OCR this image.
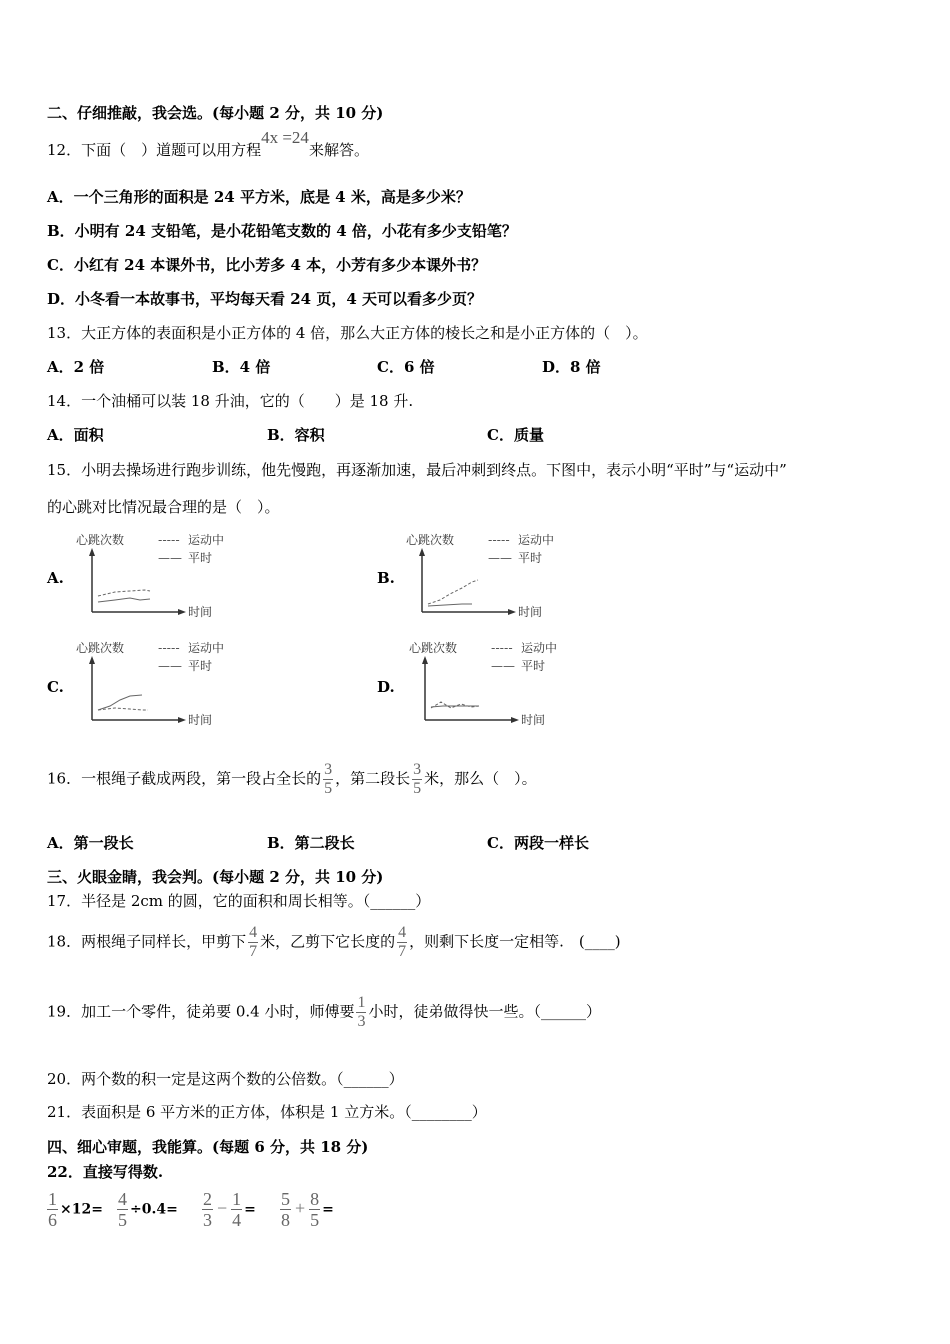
二、仔细推敲，我会选。(每小题 2 分，共 10 分)
12．下面（　）道题可以用方程4x =24来解答。
A．一个三角形的面积是 24 平方米，底是 4 米，高是多少米？
B．小明有 24 支铅笔，是小花铅笔支数的 4 倍，小花有多少支铅笔？
C．小红有 24 本课外书，比小芳多 4 本，小芳有多少本课外书？
D．小冬看一本故事书，平均每天看 24 页，4 天可以看多少页？
13．大正方体的表面积是小正方体的 4 倍，那么大正方体的棱长之和是小正方体的（　）。
A．2 倍	B．4 倍	C．6 倍	D．8 倍
14．一个油桶可以装 18 升油，它的（　　）是 18 升.
A．面积	B．容积	C．质量
15．小明去操场进行跑步训练，他先慢跑，再逐渐加速，最后冲刺到终点。下图中，表示小明“平时”与“运动中”
的心跳对比情况最合理的是（　）。
A.	B.
C.	D.
心跳次数	----- 运动中
—— 平时
时间
心跳次数	----- 运动中
—— 平时
时间
心跳次数	----- 运动中
—— 平时
时间
心跳次数	----- 运动中
—— 平时
时间
16．一根绳子截成两段，第一段占全长的 $\frac{3}{5}$ ，第二段长 $\frac{3}{5}$ 米，那么（　）。
A．第一段长	B．第二段长	C．两段一样长
三、火眼金睛，我会判。(每小题 2 分，共 10 分)
17．半径是 2cm 的圆，它的面积和周长相等。（______）
18．两根绳子同样长，甲剪下 $\frac{4}{7}$ 米，乙剪下它长度的 $\frac{4}{7}$ ，则剩下长度一定相等.　(____)
19．加工一个零件，徒弟要 0.4 小时，师傅要 $\frac{1}{3}$ 小时，徒弟做得快一些。（______）
20．两个数的积一定是这两个数的公倍数。（______）
21．表面积是 6 平方米的正方体，体积是 1 立方米。（________）
四、细心审题，我能算。(每题 6 分，共 18 分)
22．直接写得数.
$\frac{1}{6} \times 12= \frac{4}{5} \div 0.4= \frac{2}{3} - \frac{1}{4} = \frac{5}{8} + \frac{8}{5}$ =
